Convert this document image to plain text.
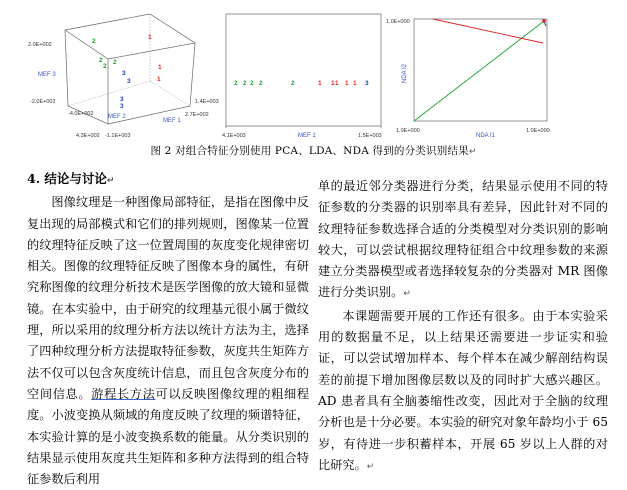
2.0E+002
-2.0E+002
-4.0E+002
1.4E+003
2.7E+002
-1.1E+003
4.3E+002
MEF 3
MEF 1
MEF 2
1
1
1
2
2
2
2
3
3
3
3
4.1E+003	1.5E+003
MEF 1
2 2 2 2	2	1 1 1 1 1 3
1.0E+000
1.0E+000	1.0E+000
NDA I1
NDA I2
图 2 对组合特征分别使用 PCA、LDA、NDA 得到的分类识别结果↵

4. 结论与讨论↵

图像纹理是一种图像局部特征，是指在图像中反复出现的局部模式和它们的排列规则，图像某一位置的纹理特征反映了这一位置周围的灰度变化规律密切相关。图像的纹理特征反映了图像本身的属性，有研究称图像的纹理分析技术是医学图像的放大镜和显微镜。在本实验中，由于研究的纹理基元很小属于微纹理，所以采用的纹理分析方法以统计方法为主，选择了四种纹理分析方法提取特征参数，灰度共生矩阵方法不仅可以包含灰度统计信息，而且包含灰度分布的空间信息。游程长方法可以反映图像纹理的粗细程度。小波变换从频域的角度反映了纹理的频谱特征，本实验计算的是小波变换系数的能量。从分类识别的结果显示使用灰度共生矩阵和多种方法得到的组合特征参数后利用

单的最近邻分类器进行分类，结果显示使用不同的特征参数的分类器的识别率具有差异，因此针对不同的纹理特征参数选择合适的分类模型对分类识别的影响较大，可以尝试根据纹理特征组合中纹理参数的来源建立分类器模型或者选择较复杂的分类器对 MR 图像进行分类识别。↵

本课题需要开展的工作还有很多。由于本实验采用的数据量不足，以上结果还需要进一步证实和验证，可以尝试增加样本、每个样本在减少解剖结构误差的前提下增加图像层数以及的同时扩大感兴趣区。AD 患者具有全脑萎缩性改变，因此对于全脑的纹理分析也是十分必要。本实验的研究对象年龄均小于 65 岁，有待进一步积蓄样本，开展 65 岁以上人群的对比研究。↵
